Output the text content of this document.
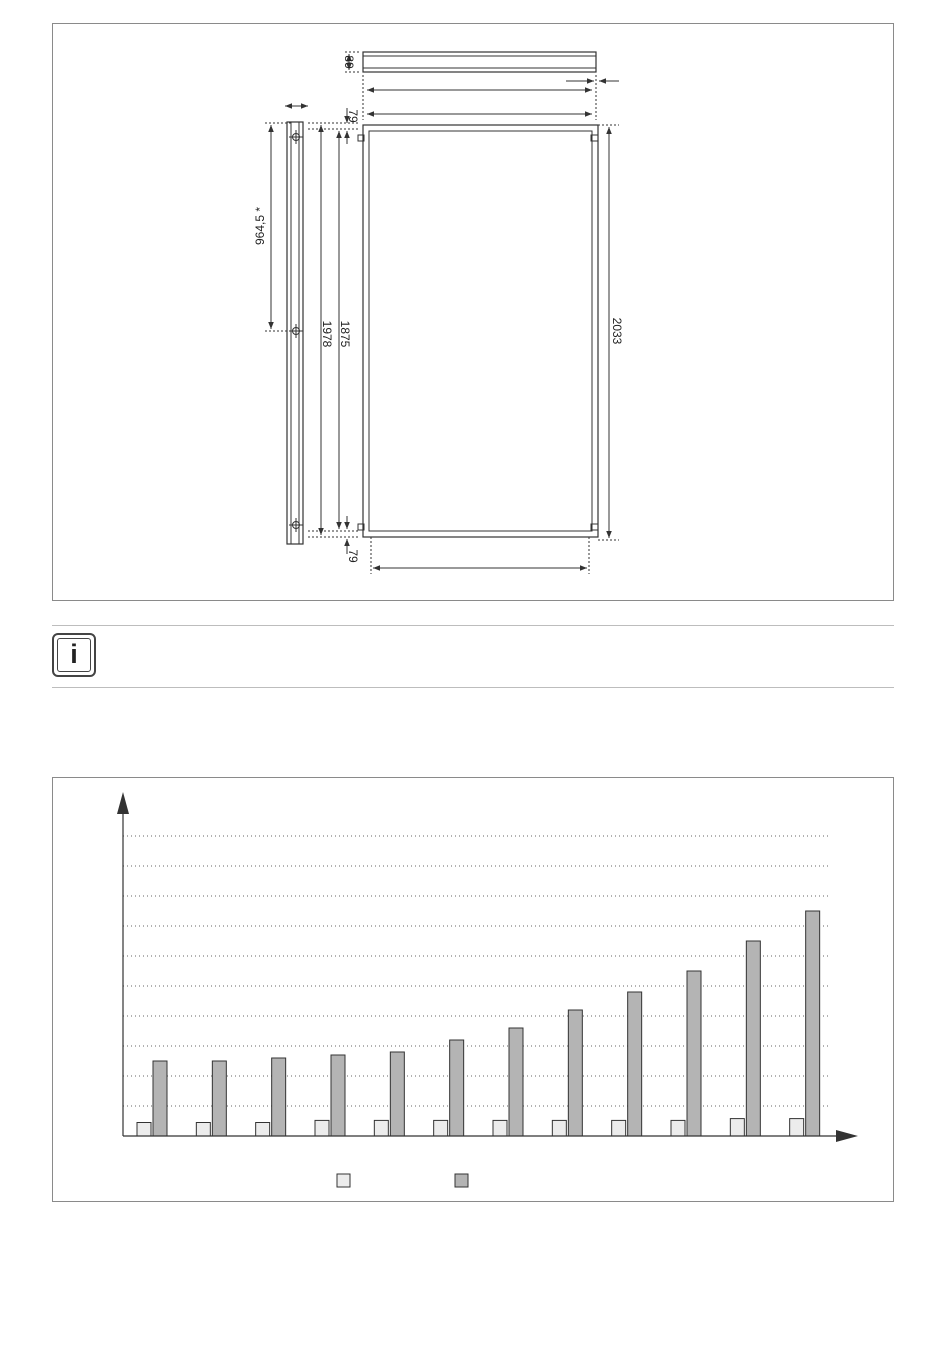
80
79
79
964,5 *
1978 1875	2033
i
